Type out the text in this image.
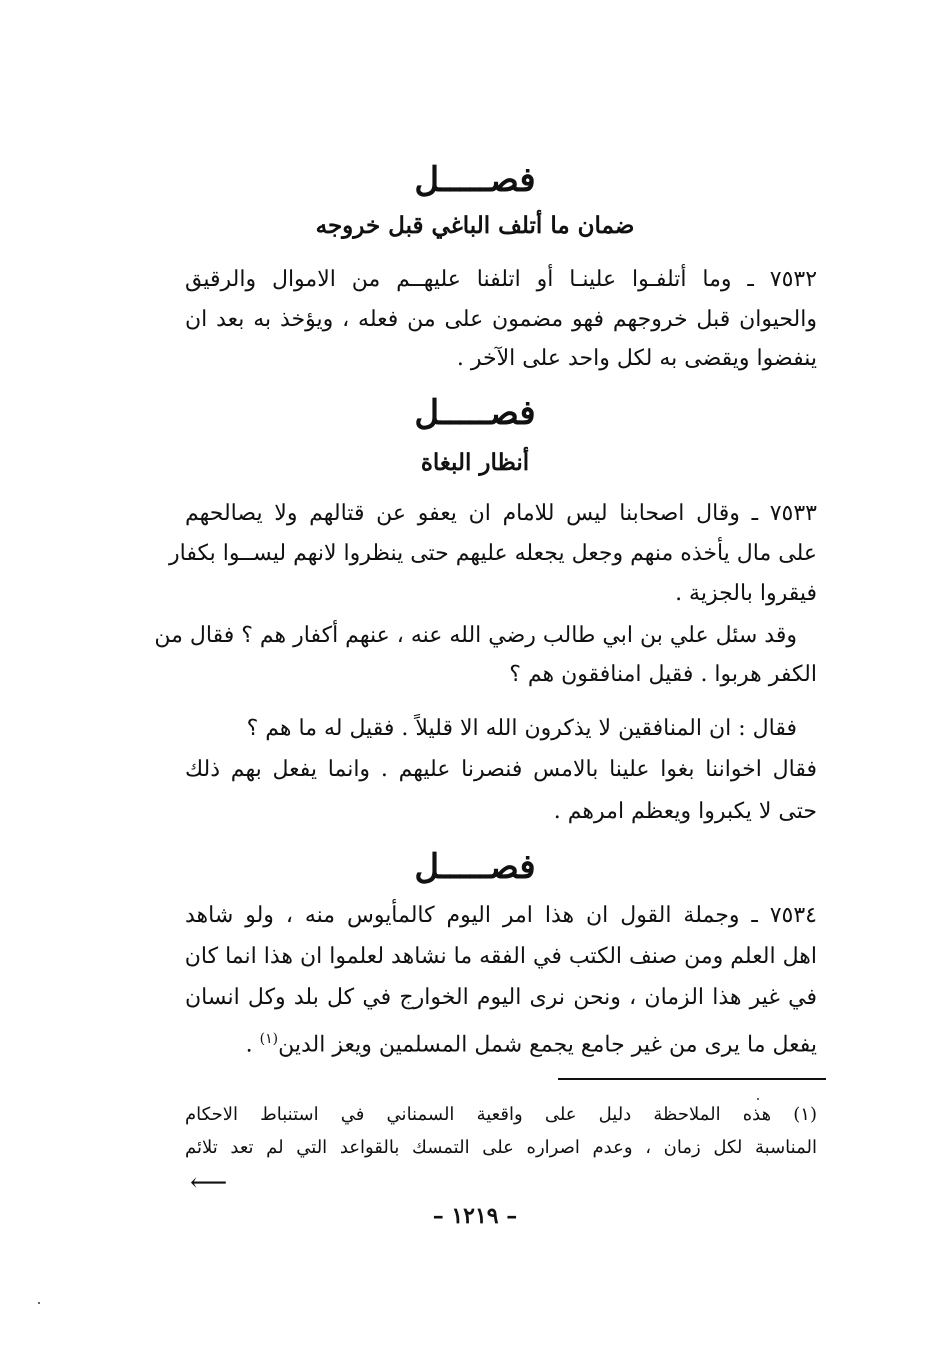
فصـــــل
ضمان ما أتلف الباغي قبل خروجه
٧٥٣٢ ـ وما أتلفـوا علينـا أو اتلفنا عليهــم من الاموال والرقيق
والحيوان قبل خروجهم فهو مضمون على من فعله ، ويؤخذ به بعد ان
ينفضوا ويقضى به لكل واحد على الآخر .
فصـــــل
أنظار البغاة
٧٥٣٣ ـ وقال اصحابنا ليس للامام ان يعفو عن قتالهم ولا يصالحهم
على مال يأخذه منهم وجعل يجعله عليهم حتى ينظروا لانهم ليســوا بكفار
فيقروا بالجزية .
وقد سئل علي بن ابي طالب رضي الله عنه ، عنهم أكفار هم ؟ فقال من
الكفر هربوا . فقيل امنافقون هم ؟
فقال : ان المنافقين لا يذكرون الله الا قليلاً . فقيل له ما هم ؟
فقال اخواننا بغوا علينا بالامس فنصرنا عليهم . وانما يفعل بهم ذلك
حتى لا يكبروا ويعظم امرهم .
فصـــــل
٧٥٣٤ ـ وجملة القول ان هذا امر اليوم كالمأيوس منه ، ولو شاهد
اهل العلم ومن صنف الكتب في الفقه ما نشاهد لعلموا ان هذا انما كان
في غير هذا الزمان ، ونحن نرى اليوم الخوارج في كل بلد وكل انسان
يفعل ما يرى من غير جامع يجمع شمل المسلمين ويعز الدين$^{(١)}$ .
(١) هذه الملاحظة دليل على واقعية السمناني في استنباط الاحكام
المناسبة لكل زمان ، وعدم اصراره على التمسك بالقواعد التي لم تعد تلائم
⟵
– ١٢١٩ –
